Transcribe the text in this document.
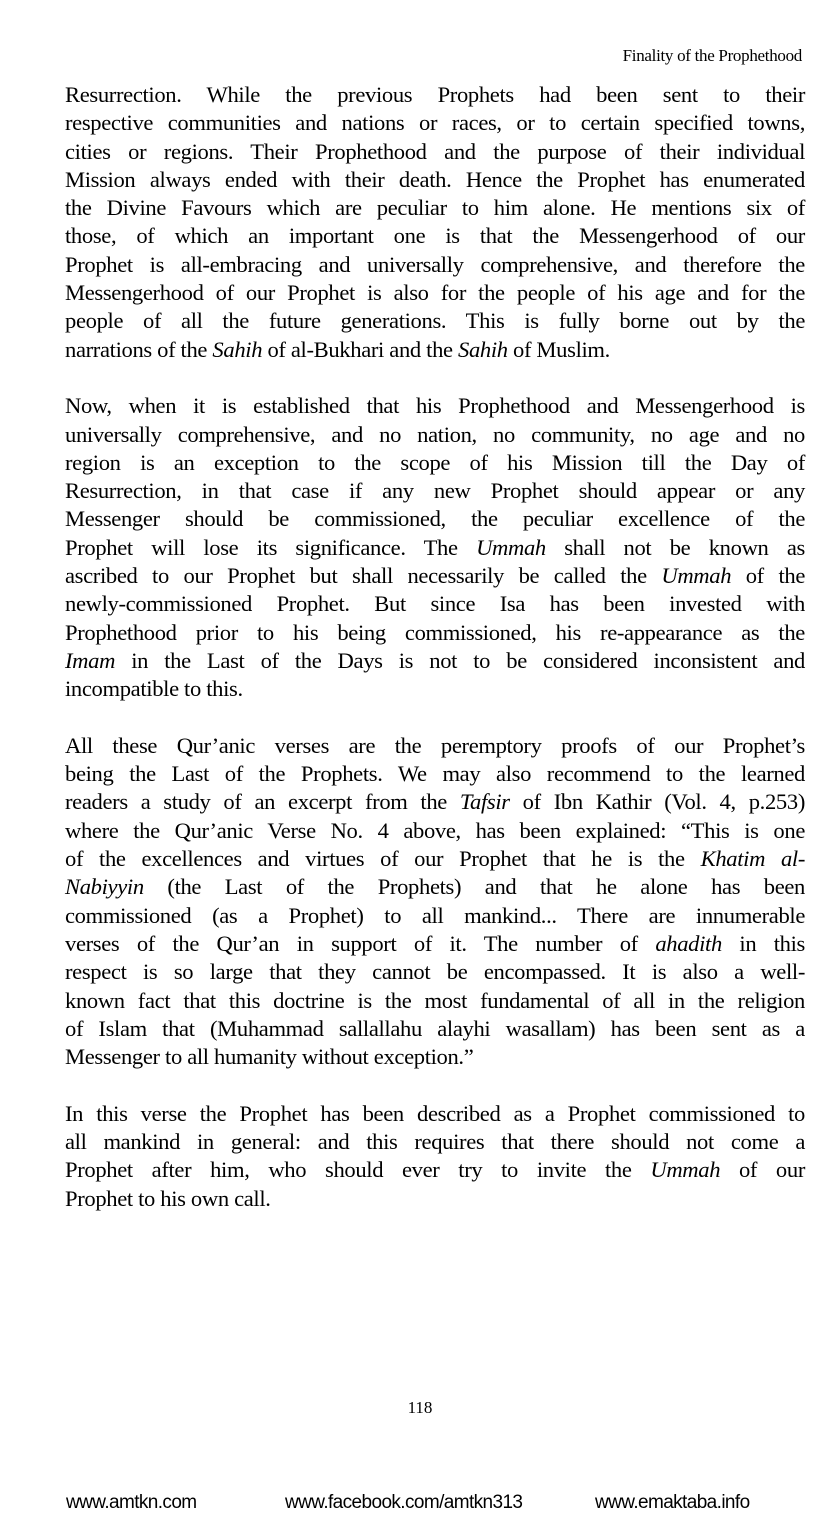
Finality of the Prophethood
Resurrection. While the previous Prophets had been sent to their
respective communities and nations or races, or to certain specified towns,
cities or regions. Their Prophethood and the purpose of their individual
Mission always ended with their death. Hence the Prophet has enumerated
the Divine Favours which are peculiar to him alone. He mentions six of
those, of which an important one is that the Messengerhood of our
Prophet is all-embracing and universally comprehensive, and therefore the
Messengerhood of our Prophet is also for the people of his age and for the
people of all the future generations. This is fully borne out by the
narrations of the Sahih of al-Bukhari and the Sahih of Muslim.
Now, when it is established that his Prophethood and Messengerhood is
universally comprehensive, and no nation, no community, no age and no
region is an exception to the scope of his Mission till the Day of
Resurrection, in that case if any new Prophet should appear or any
Messenger should be commissioned, the peculiar excellence of the
Prophet will lose its significance. The Ummah shall not be known as
ascribed to our Prophet but shall necessarily be called the Ummah of the
newly-commissioned Prophet. But since Isa has been invested with
Prophethood prior to his being commissioned, his re-appearance as the
Imam in the Last of the Days is not to be considered inconsistent and
incompatible to this.
All these Qur’anic verses are the peremptory proofs of our Prophet’s
being the Last of the Prophets. We may also recommend to the learned
readers a study of an excerpt from the Tafsir of Ibn Kathir (Vol. 4, p.253)
where the Qur’anic Verse No. 4 above, has been explained: “This is one
of the excellences and virtues of our Prophet that he is the Khatim al-
Nabiyyin (the Last of the Prophets) and that he alone has been
commissioned (as a Prophet) to all mankind... There are innumerable
verses of the Qur’an in support of it. The number of ahadith in this
respect is so large that they cannot be encompassed. It is also a well-
known fact that this doctrine is the most fundamental of all in the religion
of Islam that (Muhammad sallallahu alayhi wasallam) has been sent as a
Messenger to all humanity without exception.”
In this verse the Prophet has been described as a Prophet commissioned to
all mankind in general: and this requires that there should not come a
Prophet after him, who should ever try to invite the Ummah of our
Prophet to his own call.
118
www.amtkn.com	www.facebook.com/amtkn313	www.emaktaba.info
